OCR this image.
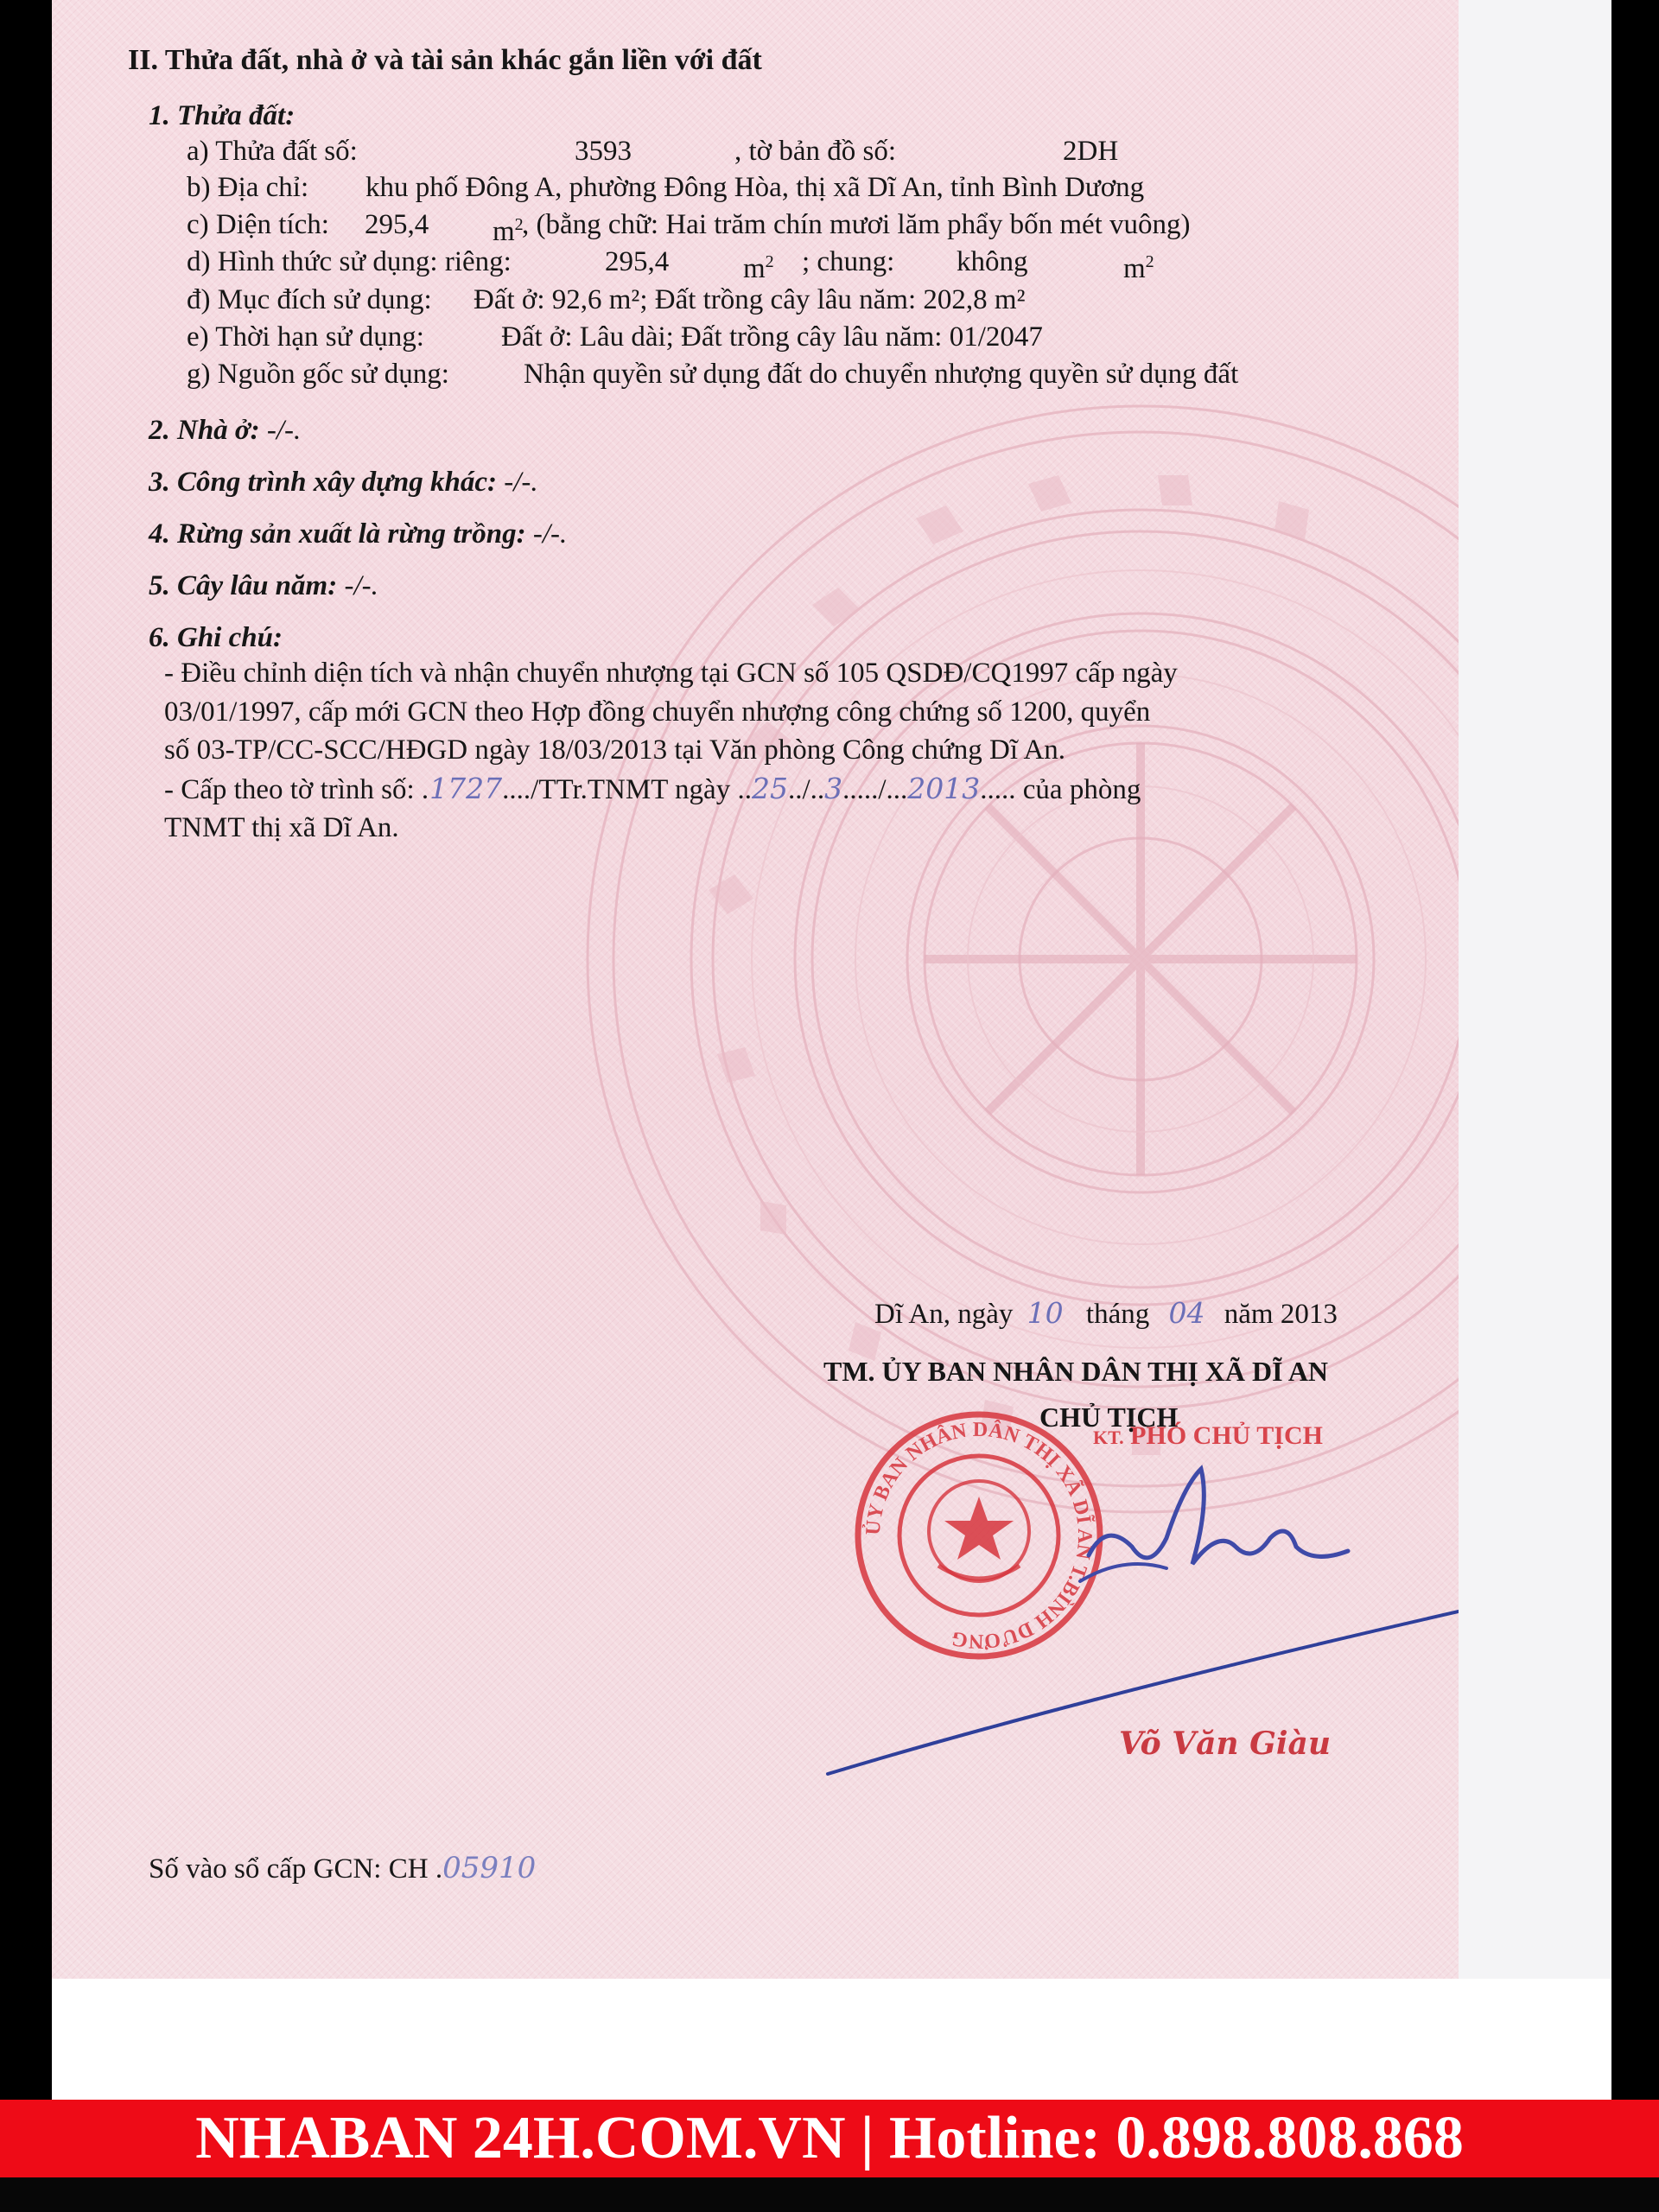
II. Thửa đất, nhà ở và tài sản khác gắn liền với đất
1. Thửa đất:
a) Thửa đất số:	3593	, tờ bản đồ số:	2DH
b) Địa chỉ: khu phố Đông A, phường Đông Hòa, thị xã Dĩ An, tỉnh Bình Dương
c) Diện tích: 295,4 $m^2$
, (bằng chữ: Hai trăm chín mươi lăm phẩy bốn mét vuông)
d) Hình thức sử dụng: riêng:	295,4	$m^2$ ; chung: không	$m^2$
đ) Mục đích sử dụng: Đất ở: 92,6 m²; Đất trồng cây lâu năm: 202,8 m²
e) Thời hạn sử dụng:	Đất ở: Lâu dài; Đất trồng cây lâu năm: 01/2047
g) Nguồn gốc sử dụng:	Nhận quyền sử dụng đất do chuyển nhượng quyền sử dụng đất
2. Nhà ở: -/-.
3. Công trình xây dựng khác: -/-.
4. Rừng sản xuất là rừng trồng: -/-.
5. Cây lâu năm: -/-.
6. Ghi chú:
- Điều chỉnh diện tích và nhận chuyển nhượng tại GCN số 105 QSDĐ/CQ1997 cấp ngày
03/01/1997, cấp mới GCN theo Hợp đồng chuyển nhượng công chứng số 1200, quyển
số 03-TP/CC-SCC/HĐGD ngày 18/03/2013 tại Văn phòng Công chứng Dĩ An.
- Cấp theo tờ trình số: .1727..../TTr.TNMT ngày ..25../..3...../...2013..... của phòng
TNMT thị xã Dĩ An.
Dĩ An, ngày 10 tháng 04 năm 2013
TM. ỦY BAN NHÂN DÂN THỊ XÃ DĨ AN
CHỦ TỊCH
ỦY BAN NHÂN DÂN THỊ XÃ DĨ AN T.BÌNH DƯƠNG
KT. PHÓ CHỦ TỊCH
Võ Văn Giàu
Số vào sổ cấp GCN: CH .05910
NHABAN 24H.COM.VN | Hotline: 0.898.808.868
